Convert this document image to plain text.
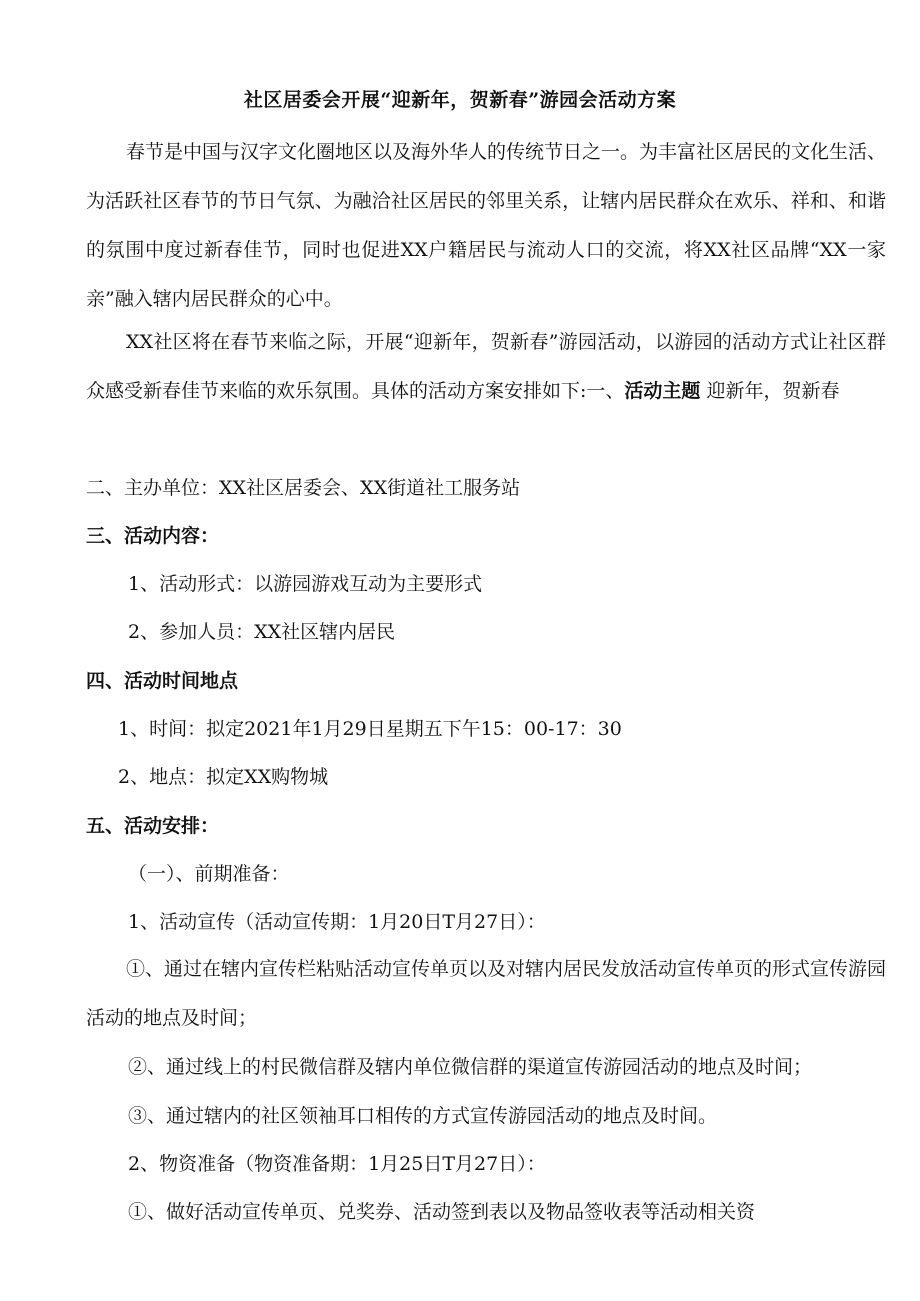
社区居委会开展“迎新年，贺新春”游园会活动方案

春节是中国与汉字文化圈地区以及海外华人的传统节日之一。为丰富社区居民的文化生活、为活跃社区春节的节日气氛、为融洽社区居民的邻里关系，让辖内居民群众在欢乐、祥和、和谐的氛围中度过新春佳节，同时也促进XX户籍居民与流动人口的交流，将XX社区品牌“XX一家亲”融入辖内居民群众的心中。

XX社区将在春节来临之际，开展“迎新年，贺新春”游园活动，以游园的活动方式让社区群众感受新春佳节来临的欢乐氛围。具体的活动方案安排如下:一、活动主题 迎新年，贺新春

二、主办单位：XX社区居委会、XX街道社工服务站
三、活动内容：
1、活动形式：以游园游戏互动为主要形式
2、参加人员：XX社区辖内居民
四、活动时间地点
1、时间：拟定2021年1月29日星期五下午15：00-17：30
2、地点：拟定XX购物城
五、活动安排：
（一）、前期准备：
1、活动宣传（活动宣传期：1月20日T月27日）：

①、通过在辖内宣传栏粘贴活动宣传单页以及对辖内居民发放活动宣传单页的形式宣传游园活动的地点及时间；

②、通过线上的村民微信群及辖内单位微信群的渠道宣传游园活动的地点及时间；
③、通过辖内的社区领袖耳口相传的方式宣传游园活动的地点及时间。
2、物资准备（物资准备期：1月25日T月27日）：
①、做好活动宣传单页、兑奖券、活动签到表以及物品签收表等活动相关资
